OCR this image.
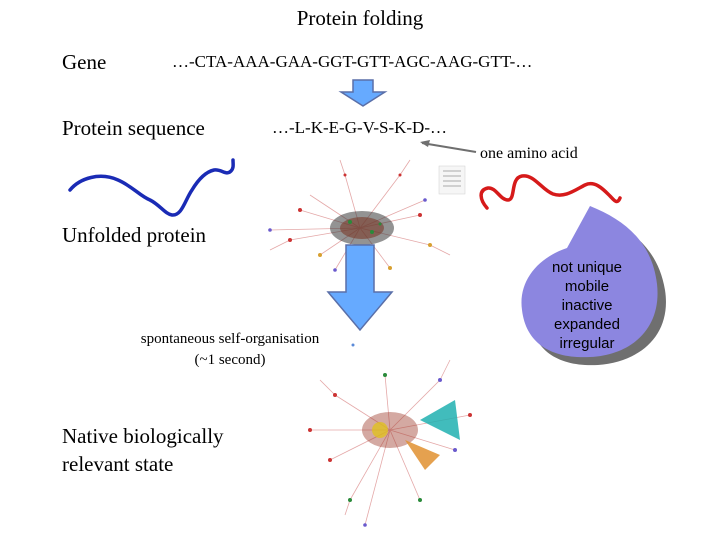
Protein folding
Gene	…-CTA-AAA-GAA-GGT-GTT-AGC-AAG-GTT-…
Protein sequence	…-L-K-E-G-V-S-K-D-…
one amino acid
Unfolded protein
spontaneous self-organisation
(~1 second)
Native biologically
relevant state
not unique
mobile
inactive
expanded
irregular
